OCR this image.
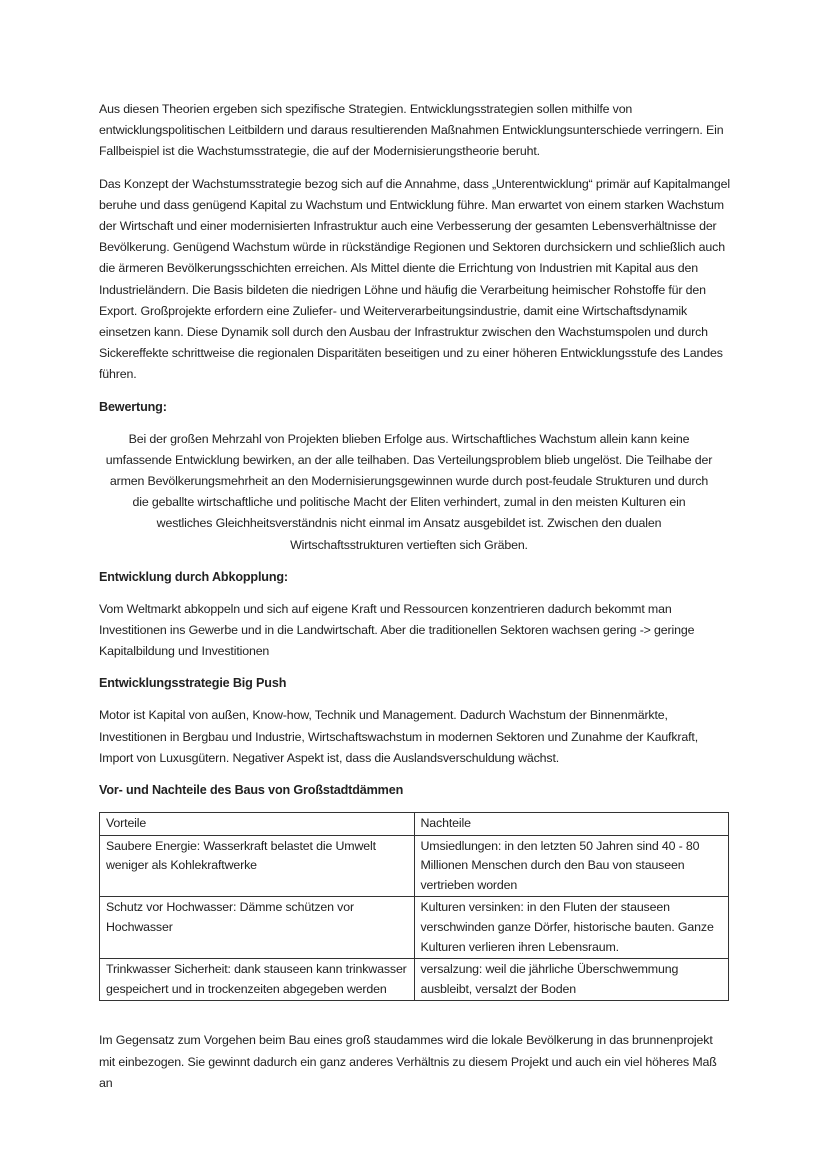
Aus diesen Theorien ergeben sich spezifische Strategien. Entwicklungsstrategien sollen mithilfe von entwicklungspolitischen Leitbildern und daraus resultierenden Maßnahmen Entwicklungsunterschiede verringern. Ein Fallbeispiel ist die Wachstumsstrategie, die auf der Modernisierungstheorie beruht.

Das Konzept der Wachstumsstrategie bezog sich auf die Annahme, dass „Unterentwicklung“ primär auf Kapitalmangel beruhe und dass genügend Kapital zu Wachstum und Entwicklung führe. Man erwartet von einem starken Wachstum der Wirtschaft und einer modernisierten Infrastruktur auch eine Verbesserung der gesamten Lebensverhältnisse der Bevölkerung. Genügend Wachstum würde in rückständige Regionen und Sektoren durchsickern und schließlich auch die ärmeren Bevölkerungsschichten erreichen. Als Mittel diente die Errichtung von Industrien mit Kapital aus den Industrieländern. Die Basis bildeten die niedrigen Löhne und häufig die Verarbeitung heimischer Rohstoffe für den Export. Großprojekte erfordern eine Zuliefer- und Weiterverarbeitungsindustrie, damit eine Wirtschaftsdynamik einsetzen kann. Diese Dynamik soll durch den Ausbau der Infrastruktur zwischen den Wachstumspolen und durch Sickereffekte schrittweise die regionalen Disparitäten beseitigen und zu einer höheren Entwicklungsstufe des Landes führen.

Bewertung:

Bei der großen Mehrzahl von Projekten blieben Erfolge aus. Wirtschaftliches Wachstum allein kann keine umfassende Entwicklung bewirken, an der alle teilhaben. Das Verteilungsproblem blieb ungelöst. Die Teilhabe der armen Bevölkerungsmehrheit an den Modernisierungsgewinnen wurde durch post-feudale Strukturen und durch die geballte wirtschaftliche und politische Macht der Eliten verhindert, zumal in den meisten Kulturen ein westliches Gleichheitsverständnis nicht einmal im Ansatz ausgebildet ist. Zwischen den dualen Wirtschaftsstrukturen vertieften sich Gräben.

Entwicklung durch Abkopplung:

Vom Weltmarkt abkoppeln und sich auf eigene Kraft und Ressourcen konzentrieren dadurch bekommt man Investitionen ins Gewerbe und in die Landwirtschaft. Aber die traditionellen Sektoren wachsen gering -> geringe Kapitalbildung und Investitionen

Entwicklungsstrategie Big Push

Motor ist Kapital von außen, Know-how, Technik und Management. Dadurch Wachstum der Binnenmärkte, Investitionen in Bergbau und Industrie, Wirtschaftswachstum in modernen Sektoren und Zunahme der Kaufkraft, Import von Luxusgütern. Negativer Aspekt ist, dass die Auslandsverschuldung wächst.

Vor- und Nachteile des Baus von Großstadtdämmen
Vorteile	Nachteile
Saubere Energie: Wasserkraft belastet die Umwelt weniger als Kohlekraftwerke	Umsiedlungen: in den letzten 50 Jahren sind 40 - 80 Millionen Menschen durch den Bau von stauseen vertrieben worden
Schutz vor Hochwasser: Dämme schützen vor Hochwasser	Kulturen versinken: in den Fluten der stauseen verschwinden ganze Dörfer, historische bauten. Ganze Kulturen verlieren ihren Lebensraum.
Trinkwasser Sicherheit: dank stauseen kann trinkwasser gespeichert und in trockenzeiten abgegeben werden	versalzung: weil die jährliche Überschwemmung ausbleibt, versalzt der Boden

Im Gegensatz zum Vorgehen beim Bau eines groß staudammes wird die lokale Bevölkerung in das brunnenprojekt mit einbezogen. Sie gewinnt dadurch ein ganz anderes Verhältnis zu diesem Projekt und auch ein viel höheres Maß an
